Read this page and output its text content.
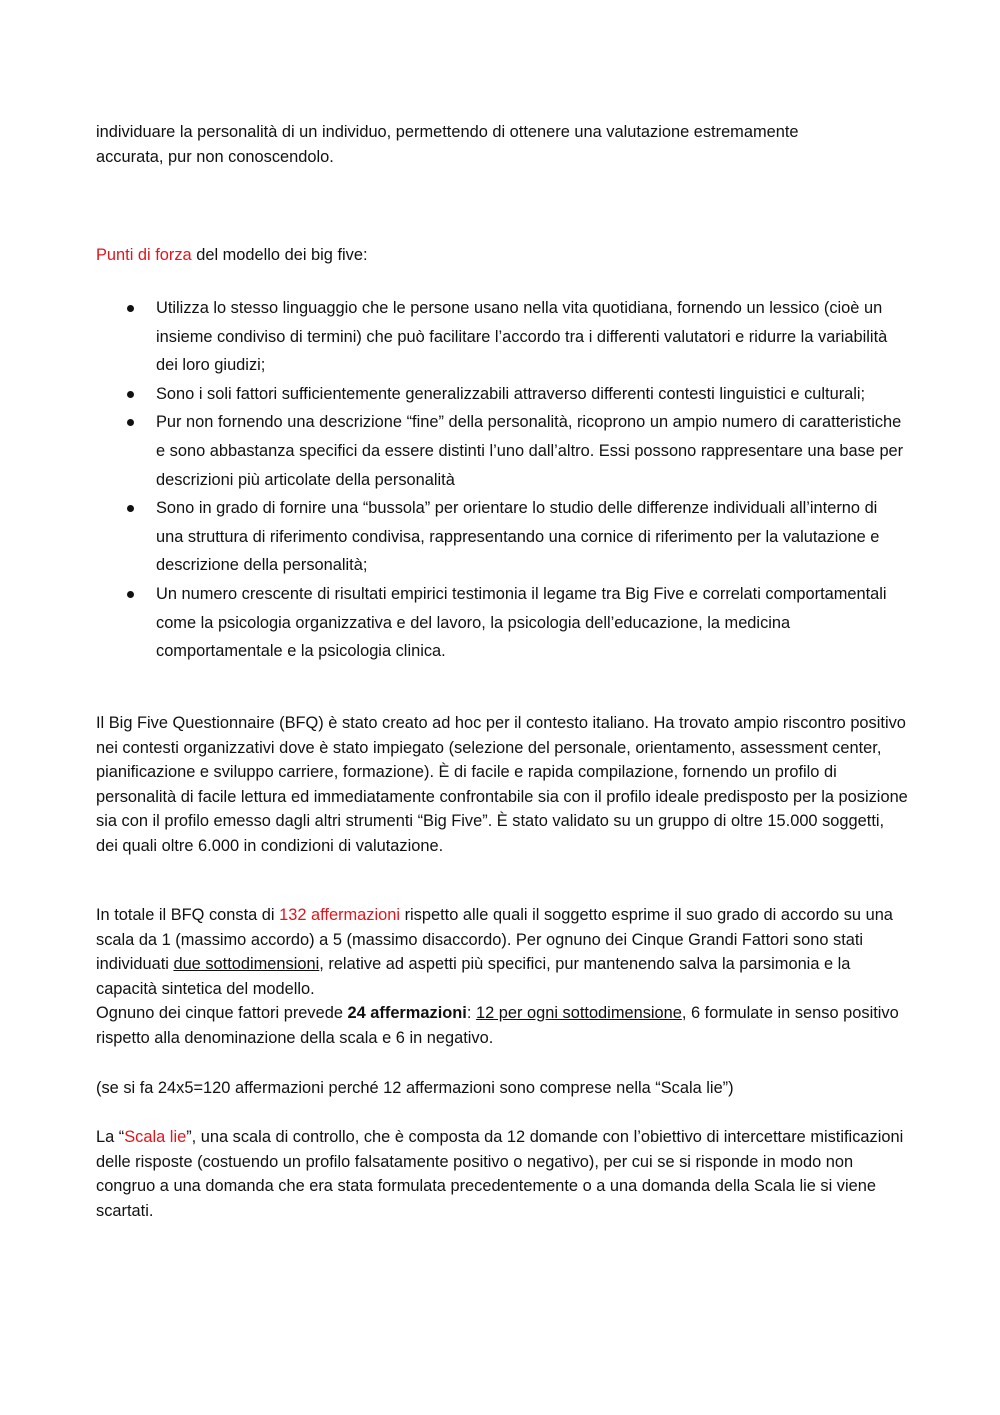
individuare la personalità di un individuo, permettendo di ottenere una valutazione estremamente
accurata, pur non conoscendolo.

Punti di forza del modello dei big five:

Utilizza lo stesso linguaggio che le persone usano nella vita quotidiana, fornendo un lessico (cioè un insieme condiviso di termini) che può facilitare l’accordo tra i differenti valutatori e ridurre la variabilità dei loro giudizi;
Sono i soli fattori sufficientemente generalizzabili attraverso differenti contesti linguistici e culturali;
Pur non fornendo una descrizione “fine” della personalità, ricoprono un ampio numero di caratteristiche e sono abbastanza specifici da essere distinti l’uno dall’altro. Essi possono rappresentare una base per descrizioni più articolate della personalità
Sono in grado di fornire una “bussola” per orientare lo studio delle differenze individuali all’interno di una struttura di riferimento condivisa, rappresentando una cornice di riferimento per la valutazione e descrizione della personalità;
Un numero crescente di risultati empirici testimonia il legame tra Big Five e correlati comportamentali come la psicologia organizzativa e del lavoro, la psicologia dell’educazione, la medicina comportamentale e la psicologia clinica.

Il Big Five Questionnaire (BFQ) è stato creato ad hoc per il contesto italiano. Ha trovato ampio riscontro positivo nei contesti organizzativi dove è stato impiegato (selezione del personale, orientamento, assessment center, pianificazione e sviluppo carriere, formazione). È di facile e rapida compilazione, fornendo un profilo di personalità di facile lettura ed immediatamente confrontabile sia con il profilo ideale predisposto per la posizione sia con il profilo emesso dagli altri strumenti “Big Five”. È stato validato su un gruppo di oltre 15.000 soggetti, dei quali oltre 6.000 in condizioni di valutazione.

In totale il BFQ consta di 132 affermazioni rispetto alle quali il soggetto esprime il suo grado di accordo su una scala da 1 (massimo accordo) a 5 (massimo disaccordo). Per ognuno dei Cinque Grandi Fattori sono stati individuati due sottodimensioni, relative ad aspetti più specifici, pur mantenendo salva la parsimonia e la capacità sintetica del modello.
Ognuno dei cinque fattori prevede 24 affermazioni: 12 per ogni sottodimensione, 6 formulate in senso positivo rispetto alla denominazione della scala e 6 in negativo.

(se si fa 24x5=120 affermazioni perché 12 affermazioni sono comprese nella “Scala lie”)

La “Scala lie”, una scala di controllo, che è composta da 12 domande con l’obiettivo di intercettare mistificazioni delle risposte (costuendo un profilo falsatamente positivo o negativo), per cui se si risponde in modo non congruo a una domanda che era stata formulata precedentemente o a una domanda della Scala lie si viene scartati.
